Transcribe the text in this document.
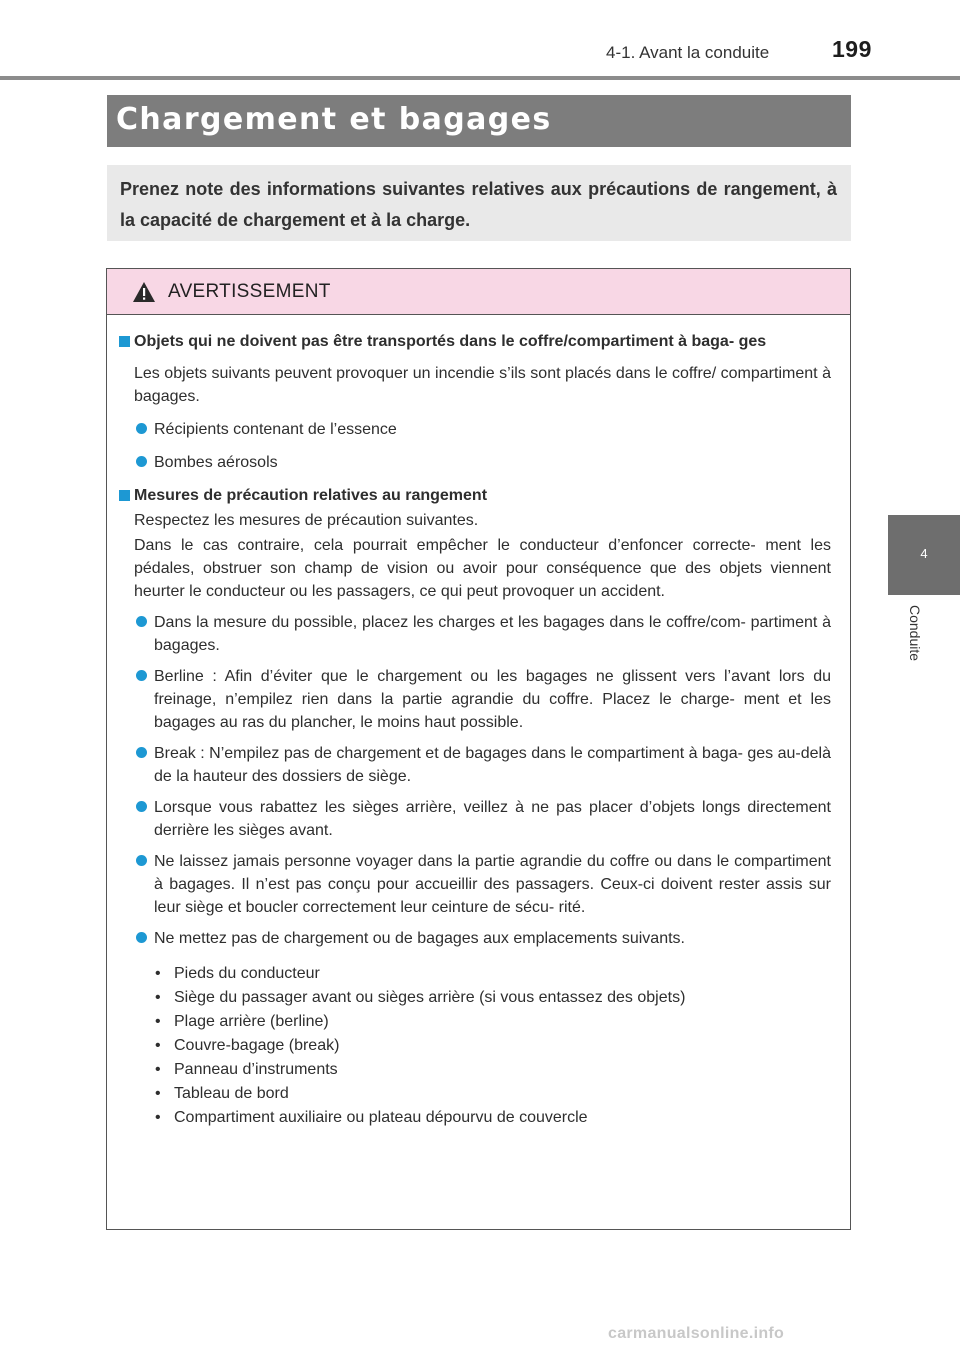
4-1. Avant la conduite	199
4
Conduite
Chargement et bagages
Prenez note des informations suivantes relatives aux précautions de rangement, à la capacité de chargement et à la charge.
AVERTISSEMENT

Objets qui ne doivent pas être transportés dans le coffre/compartiment à baga- ges

Les objets suivants peuvent provoquer un incendie s’ils sont placés dans le coffre/ compartiment à bagages.

Récipients contenant de l’essence

Bombes aérosols

Mesures de précaution relatives au rangement

Respectez les mesures de précaution suivantes.

Dans le cas contraire, cela pourrait empêcher le conducteur d’enfoncer correcte- ment les pédales, obstruer son champ de vision ou avoir pour conséquence que des objets viennent heurter le conducteur ou les passagers, ce qui peut provoquer un accident.

Dans la mesure du possible, placez les charges et les bagages dans le coffre/com- partiment à bagages.

Berline : Afin d’éviter que le chargement ou les bagages ne glissent vers l’avant lors du freinage, n’empilez rien dans la partie agrandie du coffre. Placez le charge- ment et les bagages au ras du plancher, le moins haut possible.

Break : N’empilez pas de chargement et de bagages dans le compartiment à baga- ges au-delà de la hauteur des dossiers de siège.

Lorsque vous rabattez les sièges arrière, veillez à ne pas placer d’objets longs directement derrière les sièges avant.

Ne laissez jamais personne voyager dans la partie agrandie du coffre ou dans le compartiment à bagages. Il n’est pas conçu pour accueillir des passagers. Ceux-ci doivent rester assis sur leur siège et boucler correctement leur ceinture de sécu- rité.

Ne mettez pas de chargement ou de bagages aux emplacements suivants.

• Pieds du conducteur

• Siège du passager avant ou sièges arrière (si vous entassez des objets)

• Plage arrière (berline)

• Couvre-bagage (break)

• Panneau d’instruments

• Tableau de bord

• Compartiment auxiliaire ou plateau dépourvu de couvercle

carmanualsonline.info
